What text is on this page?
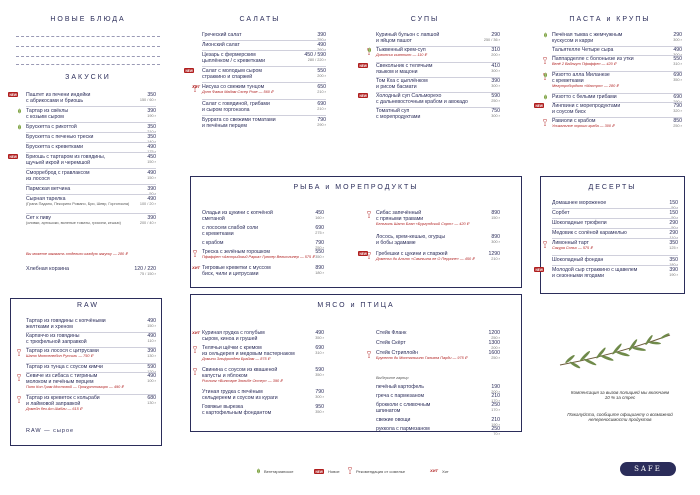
НОВЫЕ БЛЮДА
ЗАКУСКИ
Вы можете заказать отдельно каждую закуску — 280 ₽
Хлебная корзина	120 / 220
75 / 150 г
RAW
RAW — сырое
САЛАТЫ	СУПЫ	ПАСТА и КРУПЫ
РЫБА и МОРЕПРОДУКТЫ
МЯСО и ПТИЦА
ДЕСЕРТЫ
Компенсация за вызов полицией мы включаем 10 % за стрес
Пожалуйста, сообщите официанту о возможной непереносимости продуктов
Вегетарианское	NEW	Новое	Рекомендация от сомелье	ХИТ Хит	SAFE
Паштет из печени индейки	350
с абрикосами и бриошь	150 / 60 г
NEW
Тартар из свёклы	390
с козьим сыром	190 г
Брускетта с рикоттой	350
210 г
Брускетта с печенью трески	350
140 г
Брускетта с креветками	490
175 г
Бриошь с тартаром из говядины,	450
щучьей икрой и черемшой	150 г
NEW
Сморреброд с гравлаксом	490
из лосося	150 г
Пармская ветчина	390
50 г
Сырная тарелка	490
(Грана Падано, Пекорино Романо, Бри, Шевр, Горгонзола)	100 / 20 г
Сет к пиву	390
(оливки, артишоки, вяленые томаты, грисини, кешью)	200 / 40 г
Тартар из говядины с копчёными	490
желтками и хреном	150 г
Карпаччо из говядины	490
с трюфельной заправкой	110 г
Тартар из лосося с цитрусами	390
130 г
Шато Монтелюбон Руссиль — 750 ₽
Тартар из тунца с соусом кимчи	590
120 г
Севиче из сибаса с тигриным	490
молоком и печёным перцем	100 г
Пино Кон Грам Мостовой — Прокурттимиро — 490 ₽
Тартар из креветок с кольраби	680
и лаймовой заправкой	130 г
Домейн без Ат Шабли — 615 ₽
Греческий салат	390
250 г
Лионский салат	490
260 г
Цезарь с фермерским	450 / 590
цыплёнком / с креветками	280 / 220 г
Салат с молодым сыром	550
страккино и спаржей	200 г
NEW
Нисуаз со свежим тунцом	650
210 г
Донн Фавья Мадам Сэсер Розе — 560 ₽
ХИТ
Салат с говядиной, грибами	690
и сыром горгонзола	210 г
Буррата со свежими томатами	790
и печёным перцем	290 г
Куриный бульон с лапшой	290
и яйцом пашот	250 / 36 г
Тыквенный крем-суп	310
200 г
Дивинсьо кьянтино — 110 ₽
Свекольник с телячьим	410
языком и мацони	300 г
NEW
Том Кха с цыплёнком	390
и рисом басмати	300 г
Холодный суп Сальморехо	590
с дальневосточным крабом и авокадо	250 г
NEW
Томатный суп	750
с морепродуктами	300 г
Печёная тыква с жемчужным	290
кускусом и карри	300 г
Тальятелле Четыре сыра	490
300 г
Паппарделле с болоньезе из утки	550
310 г
Велё 2 Вайнгут Пфаффен — 420 ₽
Ризотто алла Миланезе	690
с креветками	350 г
Мегутробордоло «Мастро» — 280 ₽
Ризотто с белыми грибами	690
290 г
Лингвини с морепродуктами	790
и соусом биск	320 г
NEW
Равиоли с крабом	850
250 г
Уникальное хорошо краба — 300 ₽
Оладьи из цукини с копчёной	450
сметаной	160 г
с лососем слабой соли	690
с креветками	275 г
с крабом	790
250 г
Треска с зелёным горошком	550
350 г
Пфаффен «Австрийский Рарка» Грюнер Вельтлинер — 575 ₽
Тигровые креветки с муссом	890
биск, чили и цитрусами	180 г
ХИТ
Сибас запечённый	890
с пряными травами	150 г
Бельвиль Шато Блан «Бургундский Сорт» — 420 ₽
Лосось, крем-кешью, огурцы	890
и бобы эдамаме	300 г
Гребешки с цукини и спаржей	1290
210 г
Доменьо ди Альто «Сампьина ле О Перроне» — 450 ₽
NEW
Куриная грудка с голубым	490
сыром, киноа и грушей	350 г
ХИТ
Телячьи щёчки с кремом	690
из сельдерея и медовым пастернаком	310 г
Домини Эльфриндем Брайам — 875 ₽
Свинина с соусом из квашеной	590
капусты и яблоком	350 г
Рислинг «Винсовре Зюльбе Остер» — 390 ₽
Утиная грудка с печёным	790
сельдереем и соусом из кураги	300 г
Говяжье вырезка	950
с картофельным фондантом	350 г
Стейк Фланк	1200
250 г
Стейк Скёрт	1300
200 г
Стейк Стриплойн	1600
250 г
Брунелло ди Монтальчино Гальяна Парди — 975 ₽
Выберите гарнир
печёный картофель	190
200 г
греча с пармезаном	210
170 г
брокколи с сливочным	250
шпинатом	170 г
свежие овощи	210
190 г
руккола с пармезаном	250
70 г
Домашнее мороженое	150
50 г
Сорбет	150
50 г
Шоколадные трюфели	290
50 г
Медовик с солёной карамелью	290
110 г
Лимонный тарт	350
125 г
Сакура Соньо — 575 ₽
Шоколадный фондан	350
180 г
Молодой сыр страккино с щавелем	390
и сезонными ягодами	190 г
NEW
